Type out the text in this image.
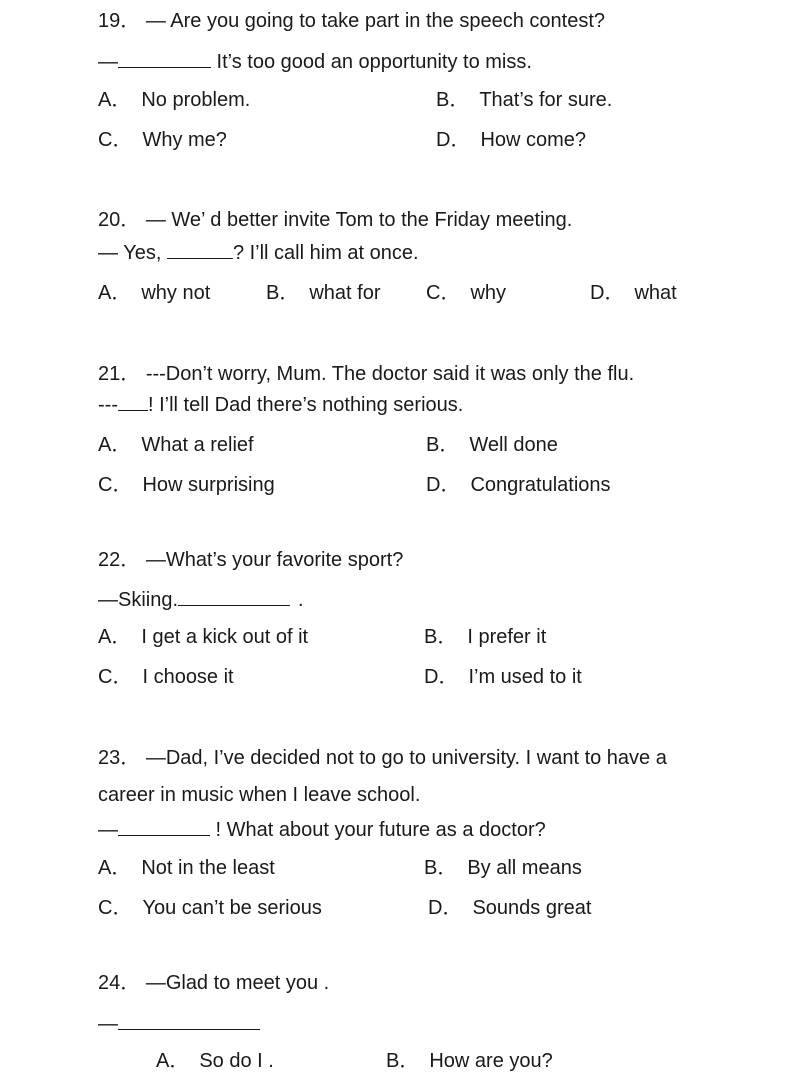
19． — Are you going to take part in the speech contest?
—	It’s too good an opportunity to miss.
A． No problem.	B． That’s for sure.
C． Why me?	D． How come?
20． — We’ d better invite Tom to the Friday meeting.
— Yes,	? I’ll call him at once.
A． why not	B． what for C． why	D． what
21． ---Don’t worry, Mum. The doctor said it was only the flu.
--- ! I’ll tell Dad there’s nothing serious.
A． What a relief	B． Well done
C． How surprising	D． Congratulations
22． —What’s your favorite sport?
—Skiing.	.
A． I get a kick out of it	B． I prefer it
C． I choose it	D． I’m used to it
23． —Dad, I’ve decided not to go to university. I want to have a
career in music when I leave school.
—	! What about your future as a doctor?
A． Not in the least	B． By all means
C． You can’t be serious	D． Sounds great
24． —Glad to meet you .
—
A． So do I .	B． How are you?
